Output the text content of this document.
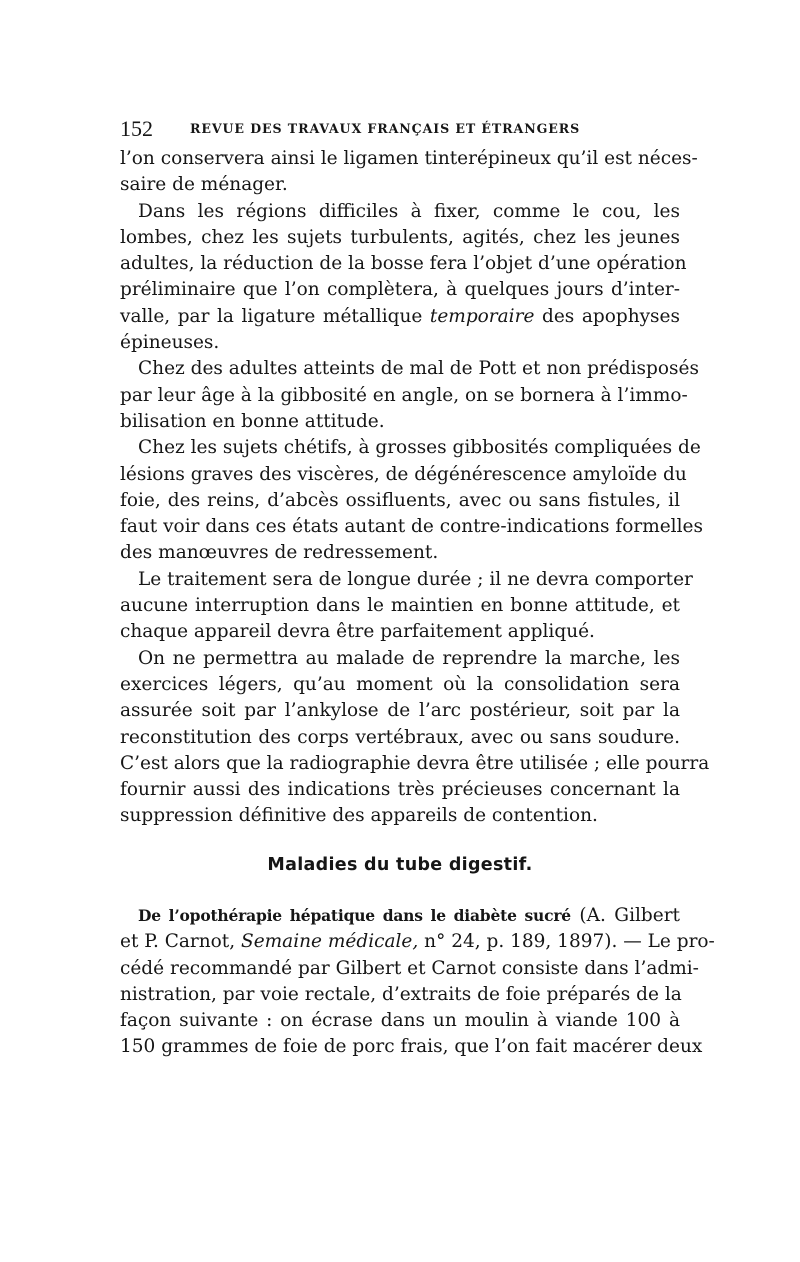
152	REVUE DES TRAVAUX FRANÇAIS ET ÉTRANGERS
l’on conservera ainsi le ligamen tinterépineux qu’il est néces-
saire de ménager.
Dans les régions difficiles à fixer, comme le cou, les
lombes, chez les sujets turbulents, agités, chez les jeunes
adultes, la réduction de la bosse fera l’objet d’une opération
préliminaire que l’on complètera, à quelques jours d’inter-
valle, par la ligature métallique temporaire des apophyses
épineuses.
Chez des adultes atteints de mal de Pott et non prédisposés
par leur âge à la gibbosité en angle, on se bornera à l’immo-
bilisation en bonne attitude.
Chez les sujets chétifs, à grosses gibbosités compliquées de
lésions graves des viscères, de dégénérescence amyloïde du
foie, des reins, d’abcès ossifluents, avec ou sans fistules, il
faut voir dans ces états autant de contre-indications formelles
des manœuvres de redressement.
Le traitement sera de longue durée ; il ne devra comporter
aucune interruption dans le maintien en bonne attitude, et
chaque appareil devra être parfaitement appliqué.
On ne permettra au malade de reprendre la marche, les
exercices légers, qu’au moment où la consolidation sera
assurée soit par l’ankylose de l’arc postérieur, soit par la
reconstitution des corps vertébraux, avec ou sans soudure.
C’est alors que la radiographie devra être utilisée ; elle pourra
fournir aussi des indications très précieuses concernant la
suppression définitive des appareils de contention.
Maladies du tube digestif.
De l’opothérapie hépatique dans le diabète sucré (A. Gilbert
et P. Carnot, Semaine médicale, n° 24, p. 189, 1897). — Le pro-
cédé recommandé par Gilbert et Carnot consiste dans l’admi-
nistration, par voie rectale, d’extraits de foie préparés de la
façon suivante : on écrase dans un moulin à viande 100 à
150 grammes de foie de porc frais, que l’on fait macérer deux
